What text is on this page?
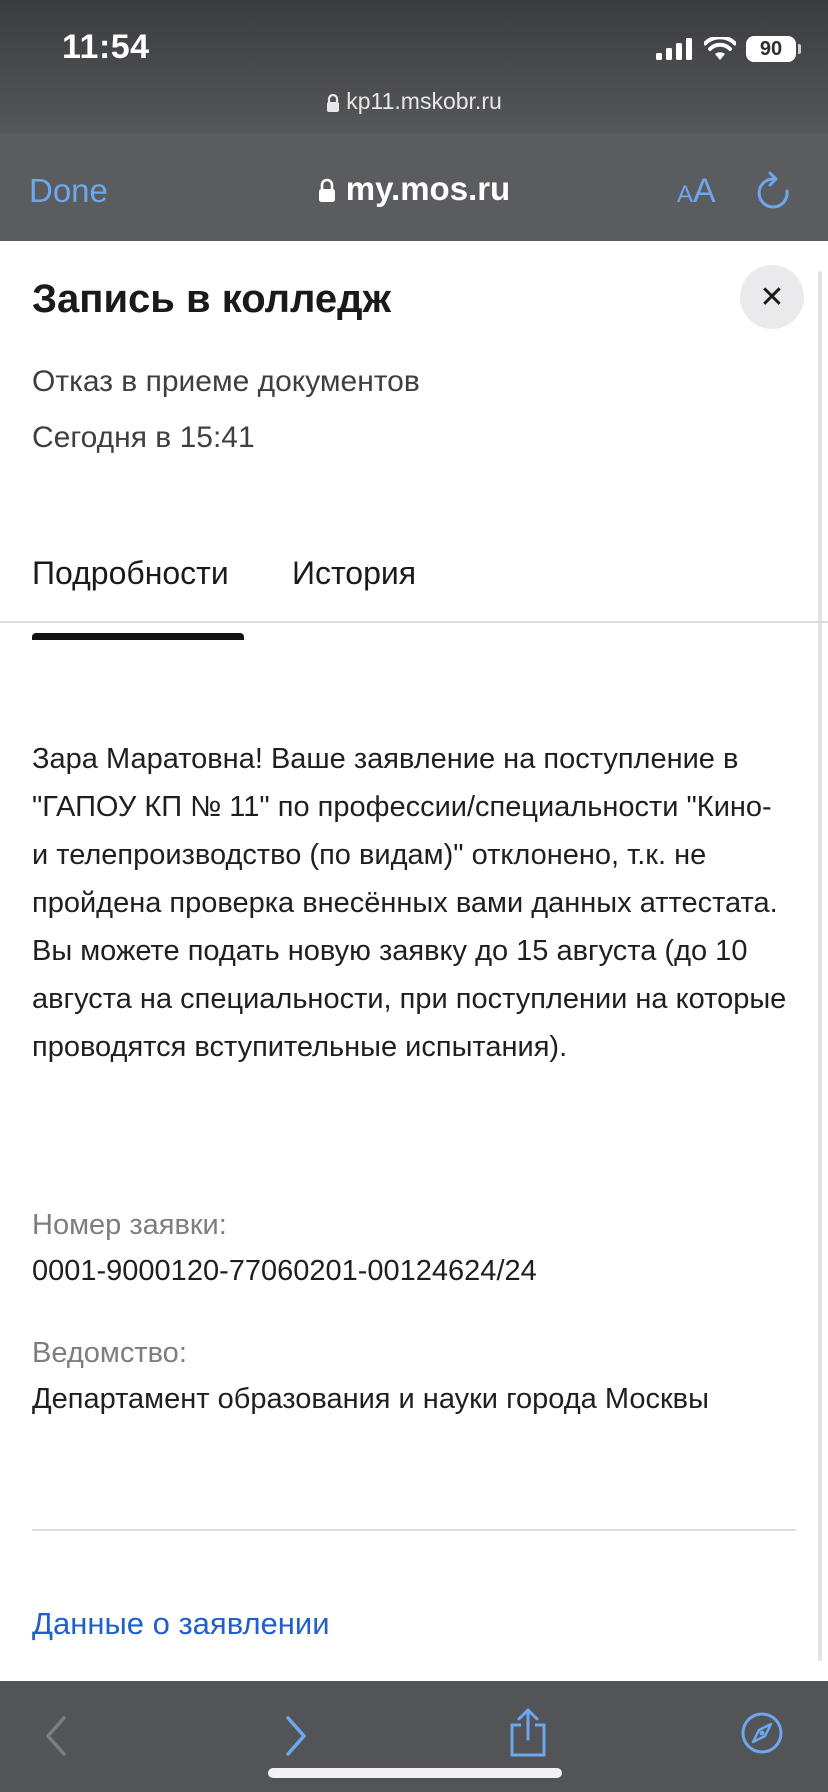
11:54	90
kp11.mskobr.ru
Done	my.mos.ru	AA
Запись в колледж	✕
Отказ в приеме документов
Сегодня в 15:41
Подробности История
Зара Маратовна! Ваше заявление на поступление в "ГАПОУ КП № 11" по профессии/специальности "Кино- и телепроизводство (по видам)" отклонено, т.к. не пройдена проверка внесённых вами данных аттестата. Вы можете подать новую заявку до 15 августа (до 10 августа на специальности, при поступлении на которые проводятся вступительные испытания).
Номер заявки:
0001-9000120-77060201-00124624/24
Ведомство:
Департамент образования и науки города Москвы
Данные о заявлении
